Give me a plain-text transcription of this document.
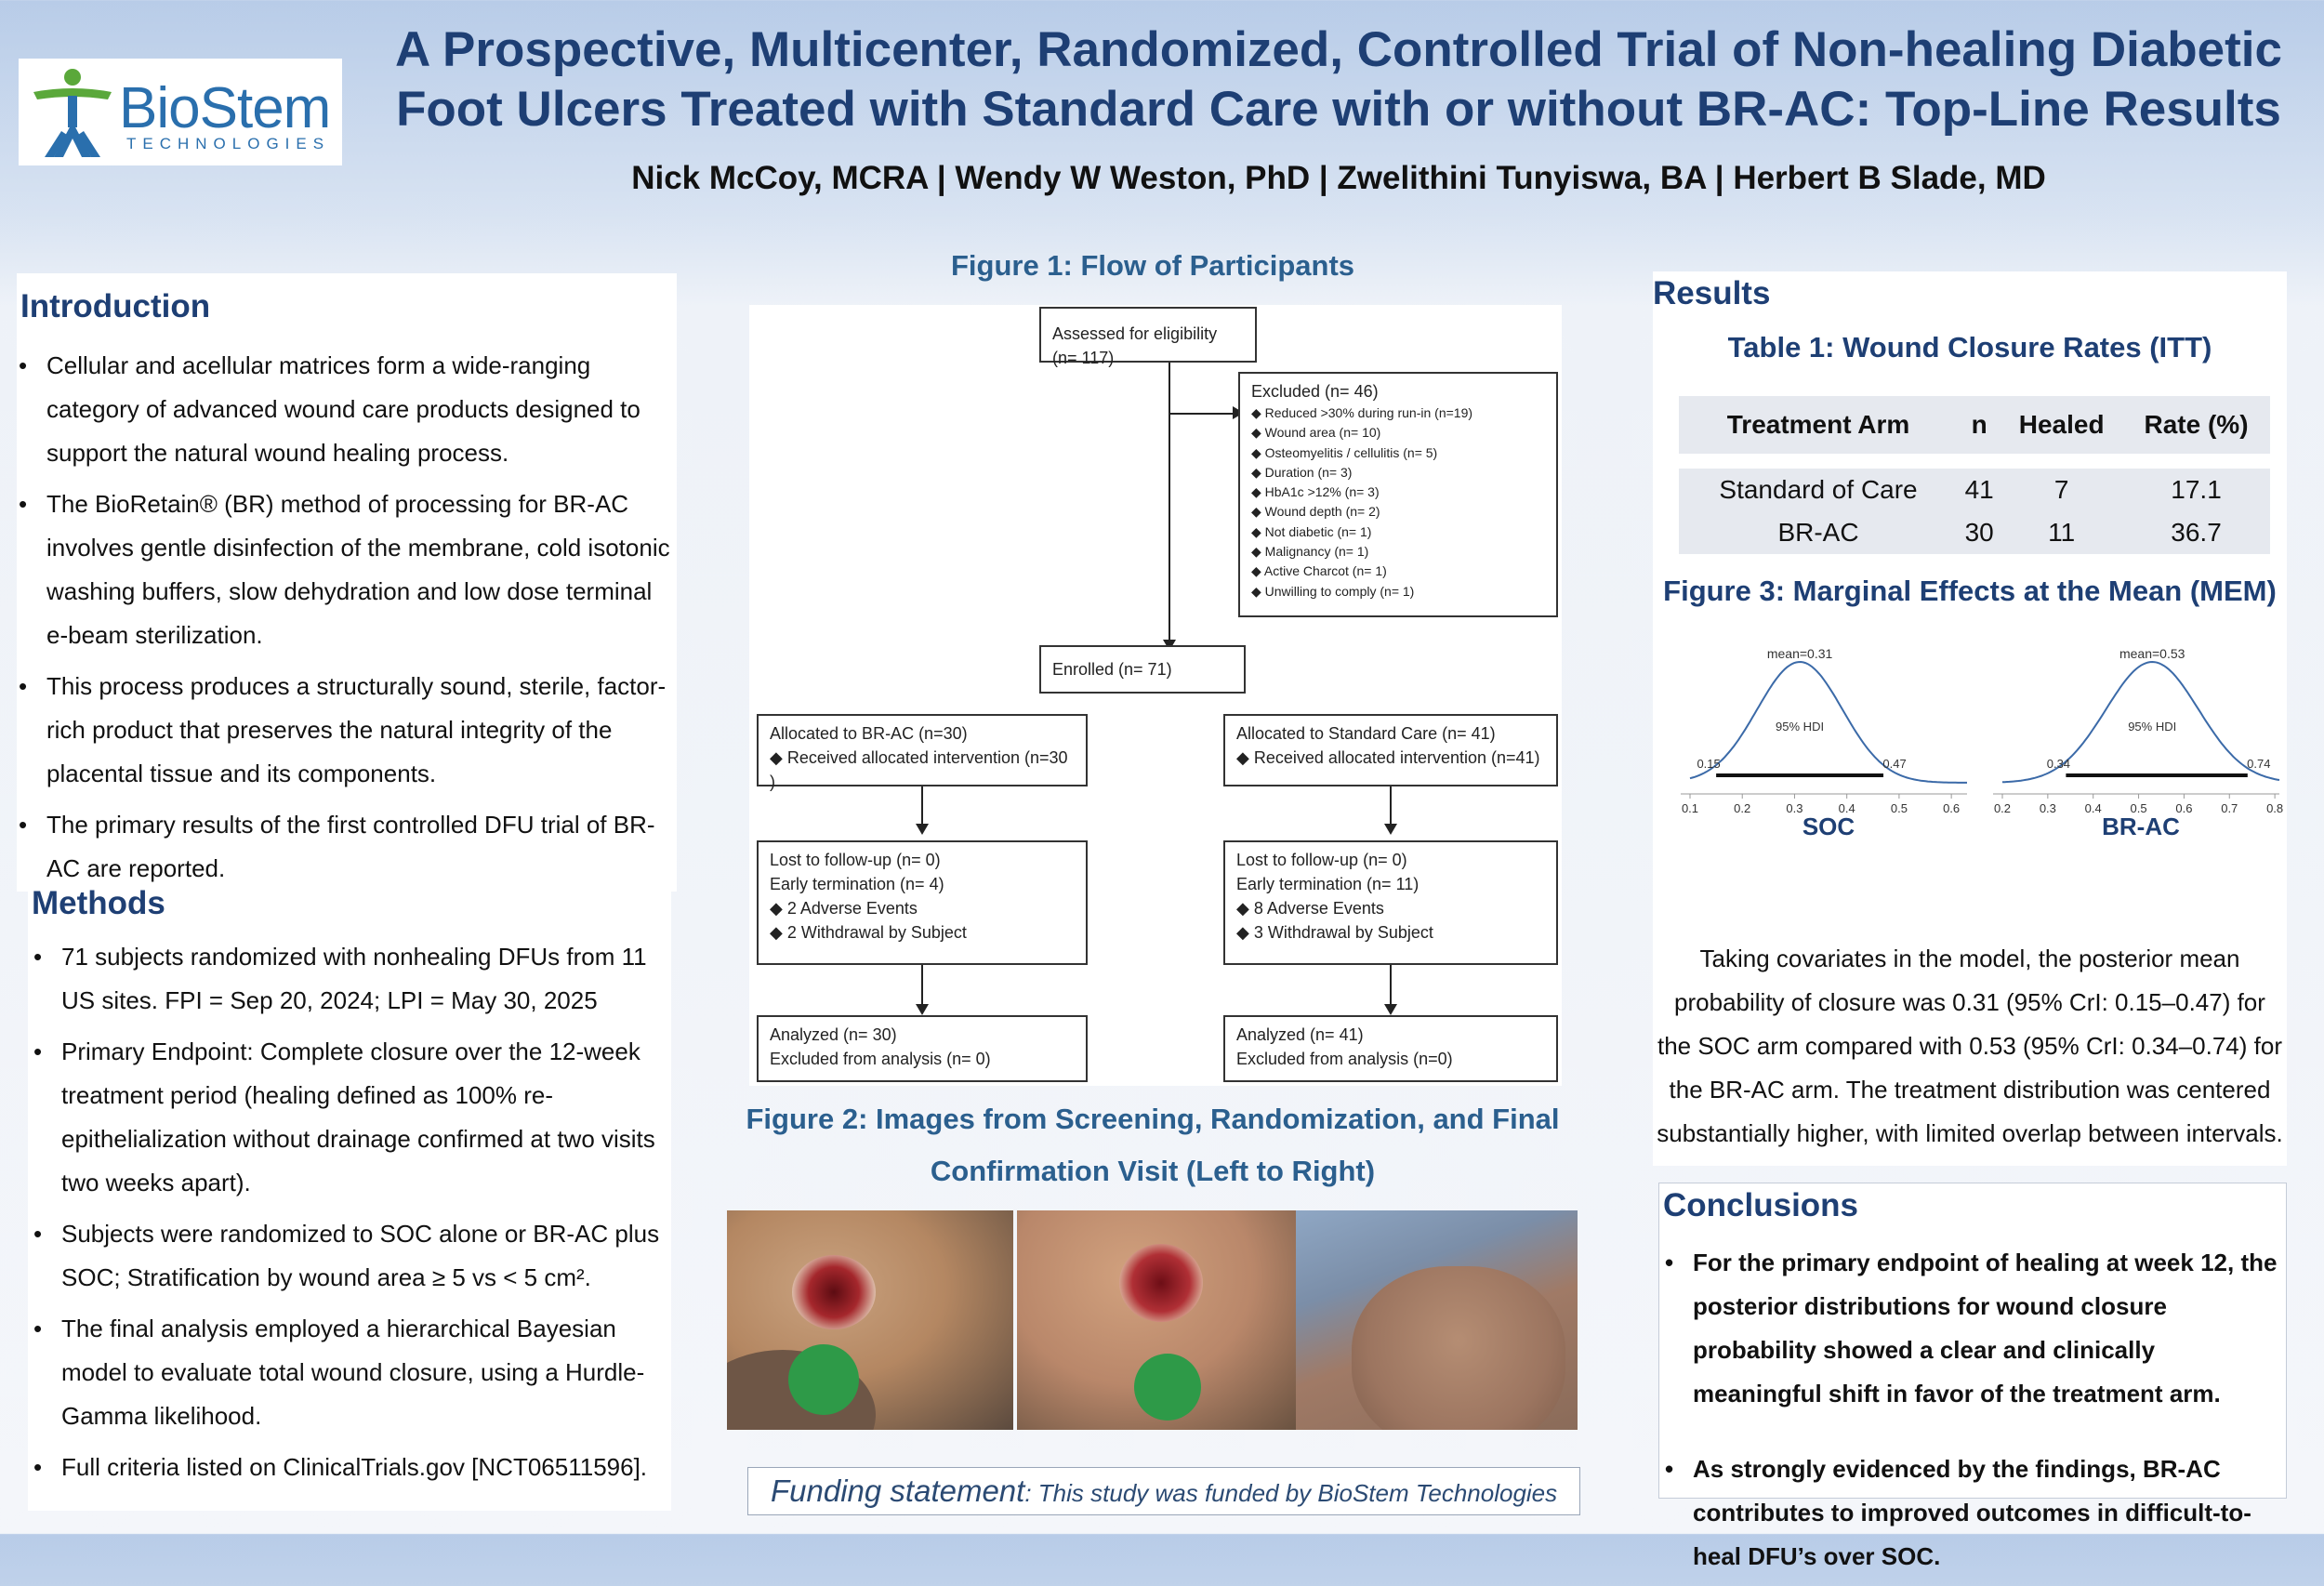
BioStem
TECHNOLOGIES
A Prospective, Multicenter, Randomized, Controlled Trial of Non-healing Diabetic
Foot Ulcers Treated with Standard Care with or without BR-AC: Top-Line Results
Nick McCoy, MCRA | Wendy W Weston, PhD | Zwelithini Tunyiswa, BA | Herbert B Slade, MD
Introduction
• Cellular and acellular matrices form a wide-ranging category of advanced wound care products designed to support the natural wound healing process.
• The BioRetain® (BR) method of processing for BR-AC involves gentle disinfection of the membrane, cold isotonic washing buffers, slow dehydration and low dose terminal e-beam sterilization.
• This process produces a structurally sound, sterile, factor-rich product that preserves the natural integrity of the placental tissue and its components.
• The primary results of the first controlled DFU trial of BR-AC are reported.
Methods
• 71 subjects randomized with nonhealing DFUs from 11 US sites. FPI = Sep 20, 2024; LPI = May 30, 2025
• Primary Endpoint: Complete closure over the 12-week treatment period (healing defined as 100% re-epithelialization without drainage confirmed at two visits two weeks apart).
• Subjects were randomized to SOC alone or BR-AC plus SOC; Stratification by wound area ≥ 5 vs < 5 cm².
• The final analysis employed a hierarchical Bayesian model to evaluate total wound closure, using a Hurdle-Gamma likelihood.
• Full criteria listed on ClinicalTrials.gov [NCT06511596].
Figure 1: Flow of Participants
Assessed for eligibility (n= 117)
Excluded (n= 46)
◆ Reduced >30% during run-in (n=19)
◆ Wound area (n= 10)
◆ Osteomyelitis / cellulitis (n= 5)
◆ Duration (n= 3)
◆ HbA1c >12% (n= 3)
◆ Wound depth (n= 2)
◆ Not diabetic (n= 1)
◆ Malignancy (n= 1)
◆ Active Charcot (n= 1)
◆ Unwilling to comply (n= 1)
Enrolled (n= 71)
Allocated to BR-AC (n=30)
◆ Received allocated intervention (n=30 )
Allocated to Standard Care (n= 41)
◆ Received allocated intervention (n=41)
Lost to follow-up (n= 0)
Early termination (n= 4)
◆ 2 Adverse Events
◆ 2 Withdrawal by Subject
Lost to follow-up (n= 0)
Early termination (n= 11)
◆ 8 Adverse Events
◆ 3 Withdrawal by Subject
Analyzed (n= 30)
Excluded from analysis (n= 0)
Analyzed (n= 41)
Excluded from analysis (n=0)
Figure 2: Images from Screening, Randomization, and Final
Confirmation Visit (Left to Right)
Funding statement: This study was funded by BioStem Technologies
Results
Table 1: Wound Closure Rates (ITT)
Treatment Arm	n	Healed	Rate (%)

Standard of Care	41	7	17.1
BR-AC	30	11	36.7
Figure 3: Marginal Effects at the Mean (MEM)
mean=0.31
95% HDI
0.15	0.47
0.1	0.2	0.3	0.4	0.5	0.6
SOC
mean=0.53
95% HDI
0.34	0.74
0.2 0.3 0.4 0.5 0.6 0.7 0.8
BR-AC
Taking covariates in the model, the posterior mean
probability of closure was 0.31 (95% CrI: 0.15–0.47) for
the SOC arm compared with 0.53 (95% CrI: 0.34–0.74) for
the BR-AC arm. The treatment distribution was centered
substantially higher, with limited overlap between intervals.
Conclusions
• For the primary endpoint of healing at week 12, the posterior distributions for wound closure probability showed a clear and clinically meaningful shift in favor of the treatment arm.
• As strongly evidenced by the findings, BR-AC contributes to improved outcomes in difficult-to-heal DFU’s over SOC.
